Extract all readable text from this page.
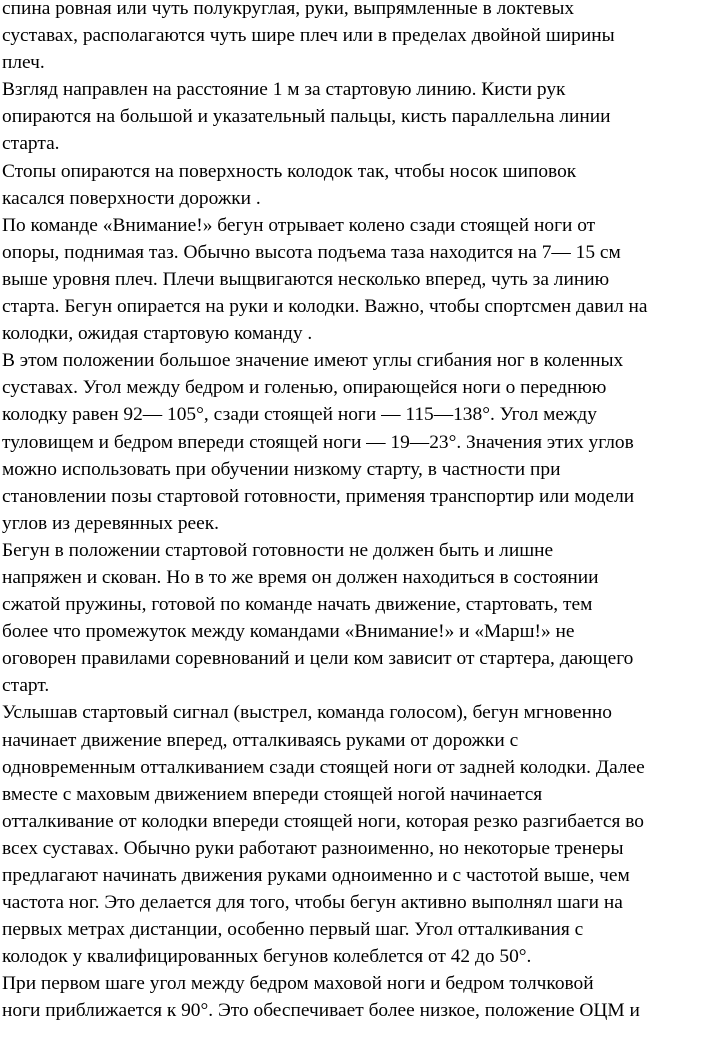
спина ровная или чуть полукруглая, руки, выпрямленные в локтевых
суставах, располагаются чуть шире плеч или в пределах двойной ширины
плеч.
Взгляд направлен на расстояние 1 м за стартовую линию. Кисти рук
опираются на большой и указательный пальцы, кисть параллельна линии
старта.
Стопы опираются на поверхность колодок так, чтобы носок шиповок
касался поверхности дорожки .
По команде «Внимание!» бегун отрывает колено сзади стоящей ноги от
опоры, поднимая таз. Обычно высота подъема таза находится на 7— 15 см
выше уровня плеч. Плечи выщвигаются несколько вперед, чуть за линию
старта. Бегун опирается на руки и колодки. Важно, чтобы спортсмен давил на
колодки, ожидая стартовую команду .
В этом положении большое значение имеют углы сгибания ног в коленных
суставах. Угол между бедром и голенью, опирающейся ноги о переднюю
колодку равен 92— 105°, сзади стоящей ноги — 115—138°. Угол между
туловищем и бедром впереди стоящей ноги — 19—23°. Значения этих углов
можно использовать при обучении низкому старту, в частности при
становлении позы стартовой готовности, применяя транспортир или модели
углов из деревянных реек.
Бегун в положении стартовой готовности не должен быть и лишне
напряжен и скован. Но в то же время он должен находиться в состоянии
сжатой пружины, готовой по команде начать движение, стартовать, тем
более что промежуток между командами «Внимание!» и «Марш!» не
оговорен правилами соревнований и цели ком зависит от стартера, дающего
старт.
Услышав стартовый сигнал (выстрел, команда голосом), бегун мгновенно
начинает движение вперед, отталкиваясь руками от дорожки с
одновременным отталкиванием сзади стоящей ноги от задней колодки. Далее
вместе с маховым движением впереди стоящей ногой начинается
отталкивание от колодки впереди стоящей ноги, которая резко разгибается во
всех суставах. Обычно руки работают разноименно, но некоторые тренеры
предлагают начинать движения руками одноименно и с частотой выше, чем
частота ног. Это делается для того, чтобы бегун активно выполнял шаги на
первых метрах дистанции, особенно первый шаг. Угол отталкивания с
колодок у квалифицированных бегунов колеблется от 42 до 50°.
При первом шаге угол между бедром маховой ноги и бедром толчковой
ноги приближается к 90°. Это обеспечивает более низкое, положение ОЦМ и
